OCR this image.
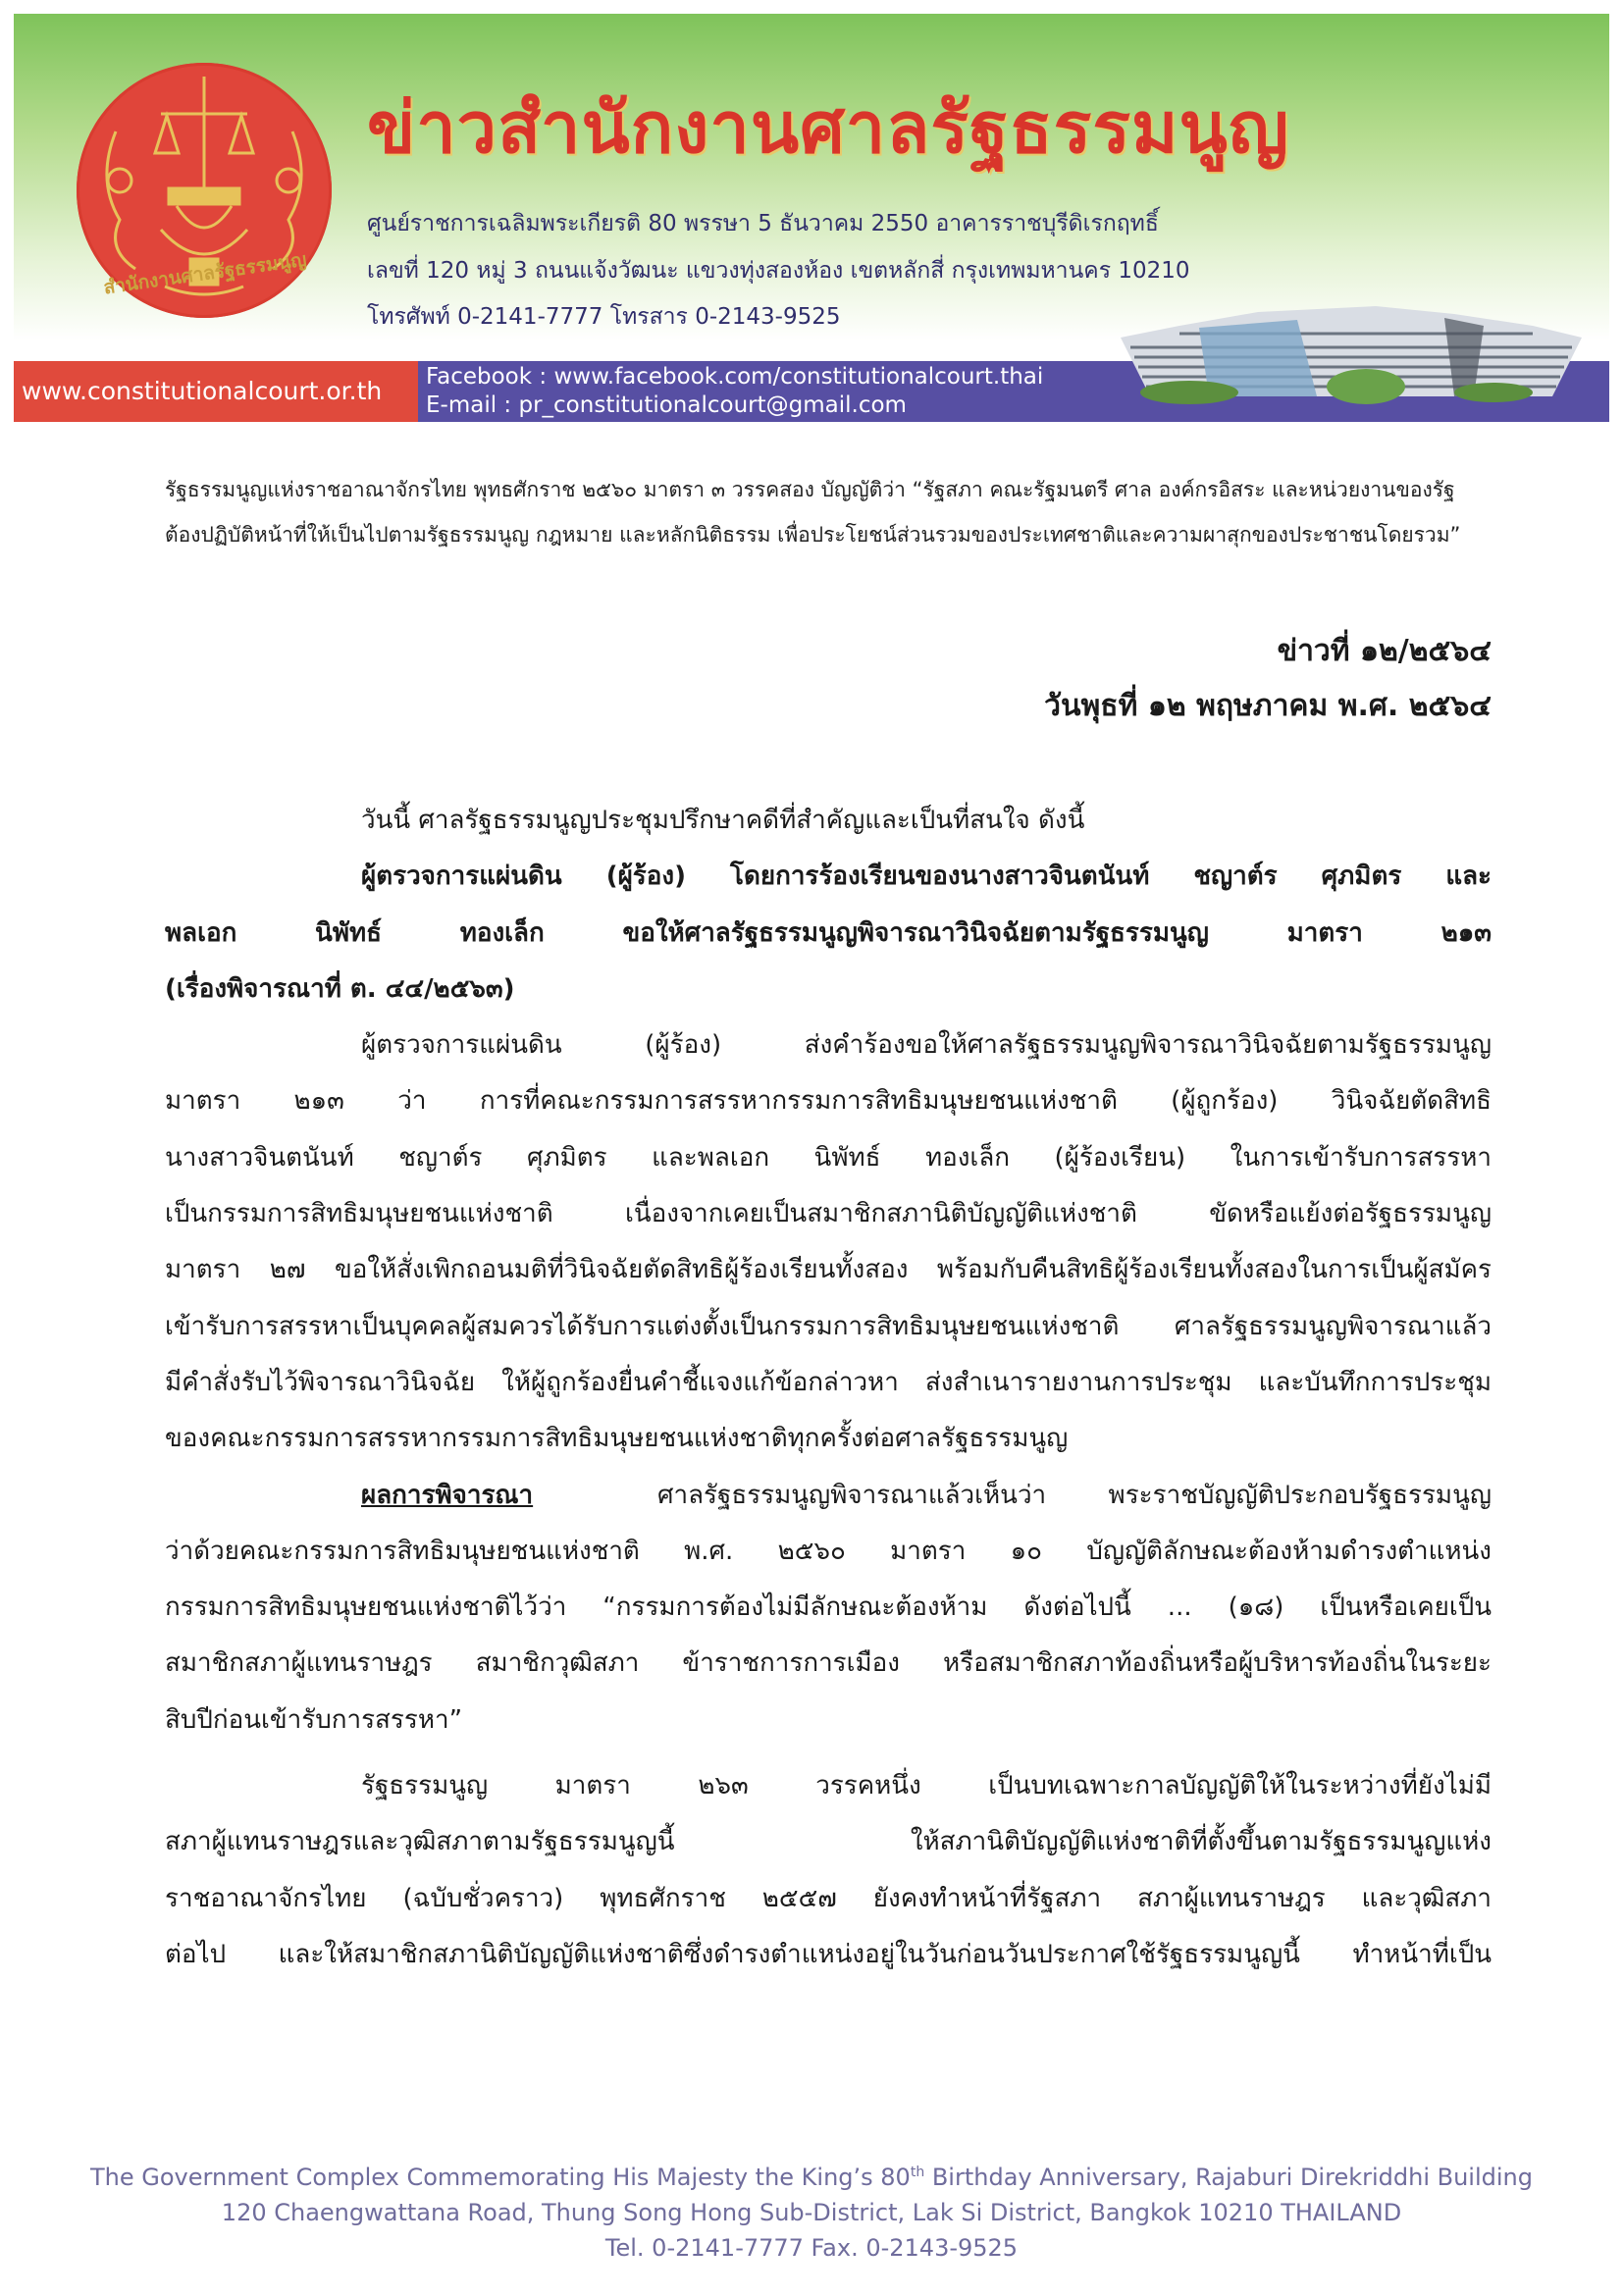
สำนักงานศาลรัฐธรรมนูญ
ข่าวสำนักงานศาลรัฐธรรมนูญ
ศูนย์ราชการเฉลิมพระเกียรติ 80 พรรษา 5 ธันวาคม 2550 อาคารราชบุรีดิเรกฤทธิ์
เลขที่ 120 หมู่ 3 ถนนแจ้งวัฒนะ แขวงทุ่งสองห้อง เขตหลักสี่ กรุงเทพมหานคร 10210
โทรศัพท์ 0-2141-7777 โทรสาร 0-2143-9525
www.constitutionalcourt.or.th	Facebook : www.facebook.com/constitutionalcourt.thai
E-mail : pr_constitutionalcourt@gmail.com
รัฐธรรมนูญแห่งราชอาณาจักรไทย พุทธศักราช ๒๕๖๐ มาตรา ๓ วรรคสอง บัญญัติว่า “รัฐสภา คณะรัฐมนตรี ศาล องค์กรอิสระ และหน่วยงานของรัฐ
ต้องปฏิบัติหน้าที่ให้เป็นไปตามรัฐธรรมนูญ กฎหมาย และหลักนิติธรรม เพื่อประโยชน์ส่วนรวมของประเทศชาติและความผาสุกของประชาชนโดยรวม”
ข่าวที่ ๑๒/๒๕๖๔
วันพุธที่ ๑๒ พฤษภาคม พ.ศ. ๒๕๖๔
วันนี้ ศาลรัฐธรรมนูญประชุมปรึกษาคดีที่สำคัญและเป็นที่สนใจ ดังนี้
ผู้ตรวจการแผ่นดิน (ผู้ร้อง) โดยการร้องเรียนของนางสาวจินตนันท์ ชญาต์ร ศุภมิตร และ
พลเอก นิพัทธ์ ทองเล็ก ขอให้ศาลรัฐธรรมนูญพิจารณาวินิจฉัยตามรัฐธรรมนูญ มาตรา ๒๑๓
(เรื่องพิจารณาที่ ต. ๔๔/๒๕๖๓)
ผู้ตรวจการแผ่นดิน (ผู้ร้อง) ส่งคำร้องขอให้ศาลรัฐธรรมนูญพิจารณาวินิจฉัยตามรัฐธรรมนูญ
มาตรา ๒๑๓ ว่า การที่คณะกรรมการสรรหากรรมการสิทธิมนุษยชนแห่งชาติ (ผู้ถูกร้อง) วินิจฉัยตัดสิทธิ
นางสาวจินตนันท์ ชญาต์ร ศุภมิตร และพลเอก นิพัทธ์ ทองเล็ก (ผู้ร้องเรียน) ในการเข้ารับการสรรหา
เป็นกรรมการสิทธิมนุษยชนแห่งชาติ เนื่องจากเคยเป็นสมาชิกสภานิติบัญญัติแห่งชาติ ขัดหรือแย้งต่อรัฐธรรมนูญ
มาตรา ๒๗ ขอให้สั่งเพิกถอนมติที่วินิจฉัยตัดสิทธิผู้ร้องเรียนทั้งสอง พร้อมกับคืนสิทธิผู้ร้องเรียนทั้งสองในการเป็นผู้สมัคร
เข้ารับการสรรหาเป็นบุคคลผู้สมควรได้รับการแต่งตั้งเป็นกรรมการสิทธิมนุษยชนแห่งชาติ ศาลรัฐธรรมนูญพิจารณาแล้ว
มีคำสั่งรับไว้พิจารณาวินิจฉัย ให้ผู้ถูกร้องยื่นคำชี้แจงแก้ข้อกล่าวหา ส่งสำเนารายงานการประชุม และบันทึกการประชุม
ของคณะกรรมการสรรหากรรมการสิทธิมนุษยชนแห่งชาติทุกครั้งต่อศาลรัฐธรรมนูญ
ผลการพิจารณา	ศาลรัฐธรรมนูญพิจารณาแล้วเห็นว่า พระราชบัญญัติประกอบรัฐธรรมนูญ
ว่าด้วยคณะกรรมการสิทธิมนุษยชนแห่งชาติ พ.ศ. ๒๕๖๐ มาตรา ๑๐ บัญญัติลักษณะต้องห้ามดำรงตำแหน่ง
กรรมการสิทธิมนุษยชนแห่งชาติไว้ว่า “กรรมการต้องไม่มีลักษณะต้องห้าม ดังต่อไปนี้ ... (๑๘) เป็นหรือเคยเป็น
สมาชิกสภาผู้แทนราษฎร สมาชิกวุฒิสภา ข้าราชการการเมือง หรือสมาชิกสภาท้องถิ่นหรือผู้บริหารท้องถิ่นในระยะ
สิบปีก่อนเข้ารับการสรรหา”
รัฐธรรมนูญ มาตรา ๒๖๓ วรรคหนึ่ง เป็นบทเฉพาะกาลบัญญัติให้ในระหว่างที่ยังไม่มี
สภาผู้แทนราษฎรและวุฒิสภาตามรัฐธรรมนูญนี้ ให้สภานิติบัญญัติแห่งชาติที่ตั้งขึ้นตามรัฐธรรมนูญแห่ง
ราชอาณาจักรไทย (ฉบับชั่วคราว) พุทธศักราช ๒๕๕๗ ยังคงทำหน้าที่รัฐสภา สภาผู้แทนราษฎร และวุฒิสภา
ต่อไป และให้สมาชิกสภานิติบัญญัติแห่งชาติซึ่งดำรงตำแหน่งอยู่ในวันก่อนวันประกาศใช้รัฐธรรมนูญนี้ ทำหน้าที่เป็น
The Government Complex Commemorating His Majesty the King’s 80th Birthday Anniversary, Rajaburi Direkriddhi Building
120 Chaengwattana Road, Thung Song Hong Sub-District, Lak Si District, Bangkok 10210 THAILAND
Tel. 0-2141-7777 Fax. 0-2143-9525
